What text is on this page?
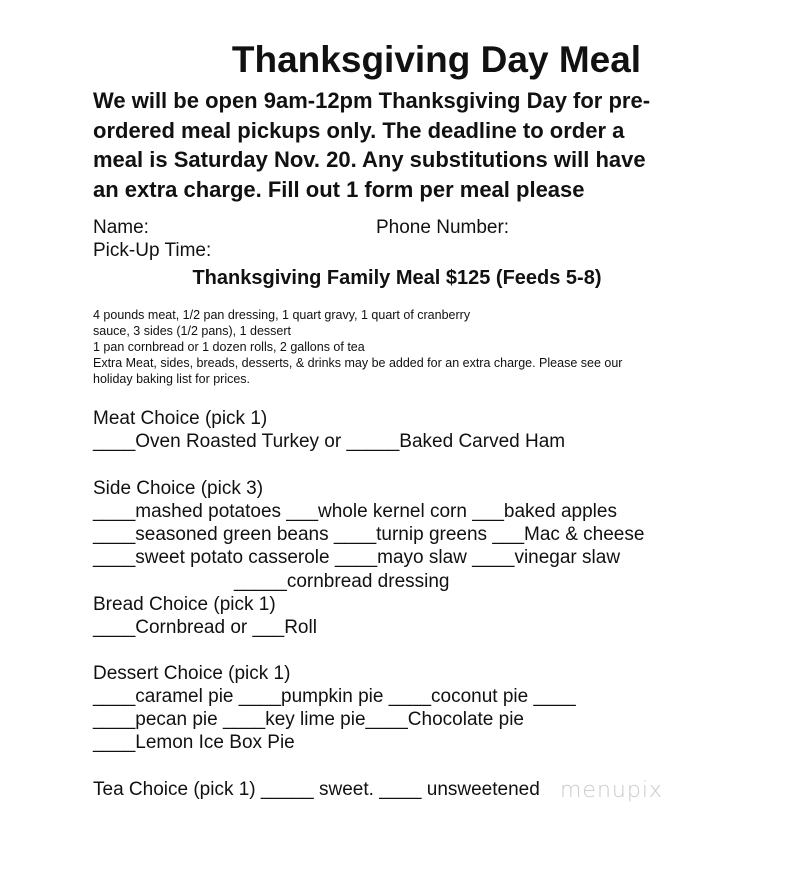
Thanksgiving Day Meal
We will be open 9am-12pm Thanksgiving Day for pre-
ordered meal pickups only. The deadline to order a
meal is Saturday Nov. 20. Any substitutions will have
an extra charge. Fill out 1 form per meal please
Name:	Phone Number:
Pick-Up Time:
Thanksgiving Family Meal $125 (Feeds 5-8)
4 pounds meat, 1/2 pan dressing, 1 quart gravy, 1 quart of cranberry
sauce, 3 sides (1/2 pans), 1 dessert
1 pan cornbread or 1 dozen rolls, 2 gallons of tea
Extra Meat, sides, breads, desserts, & drinks may be added for an extra charge. Please see our
holiday baking list for prices.
Meat Choice (pick 1)
____Oven Roasted Turkey or _____Baked Carved Ham
Side Choice (pick 3)
____mashed potatoes ___whole kernel corn ___baked apples
____seasoned green beans ____turnip greens ___Mac & cheese
____sweet potato casserole ____mayo slaw ____vinegar slaw
_____cornbread dressing
Bread Choice (pick 1)
____Cornbread or ___Roll
Dessert Choice (pick 1)
____caramel pie ____pumpkin pie ____coconut pie ____
____pecan pie ____key lime pie____Chocolate pie
____Lemon Ice Box Pie
Tea Choice (pick 1) _____ sweet. ____ unsweetened menupix
